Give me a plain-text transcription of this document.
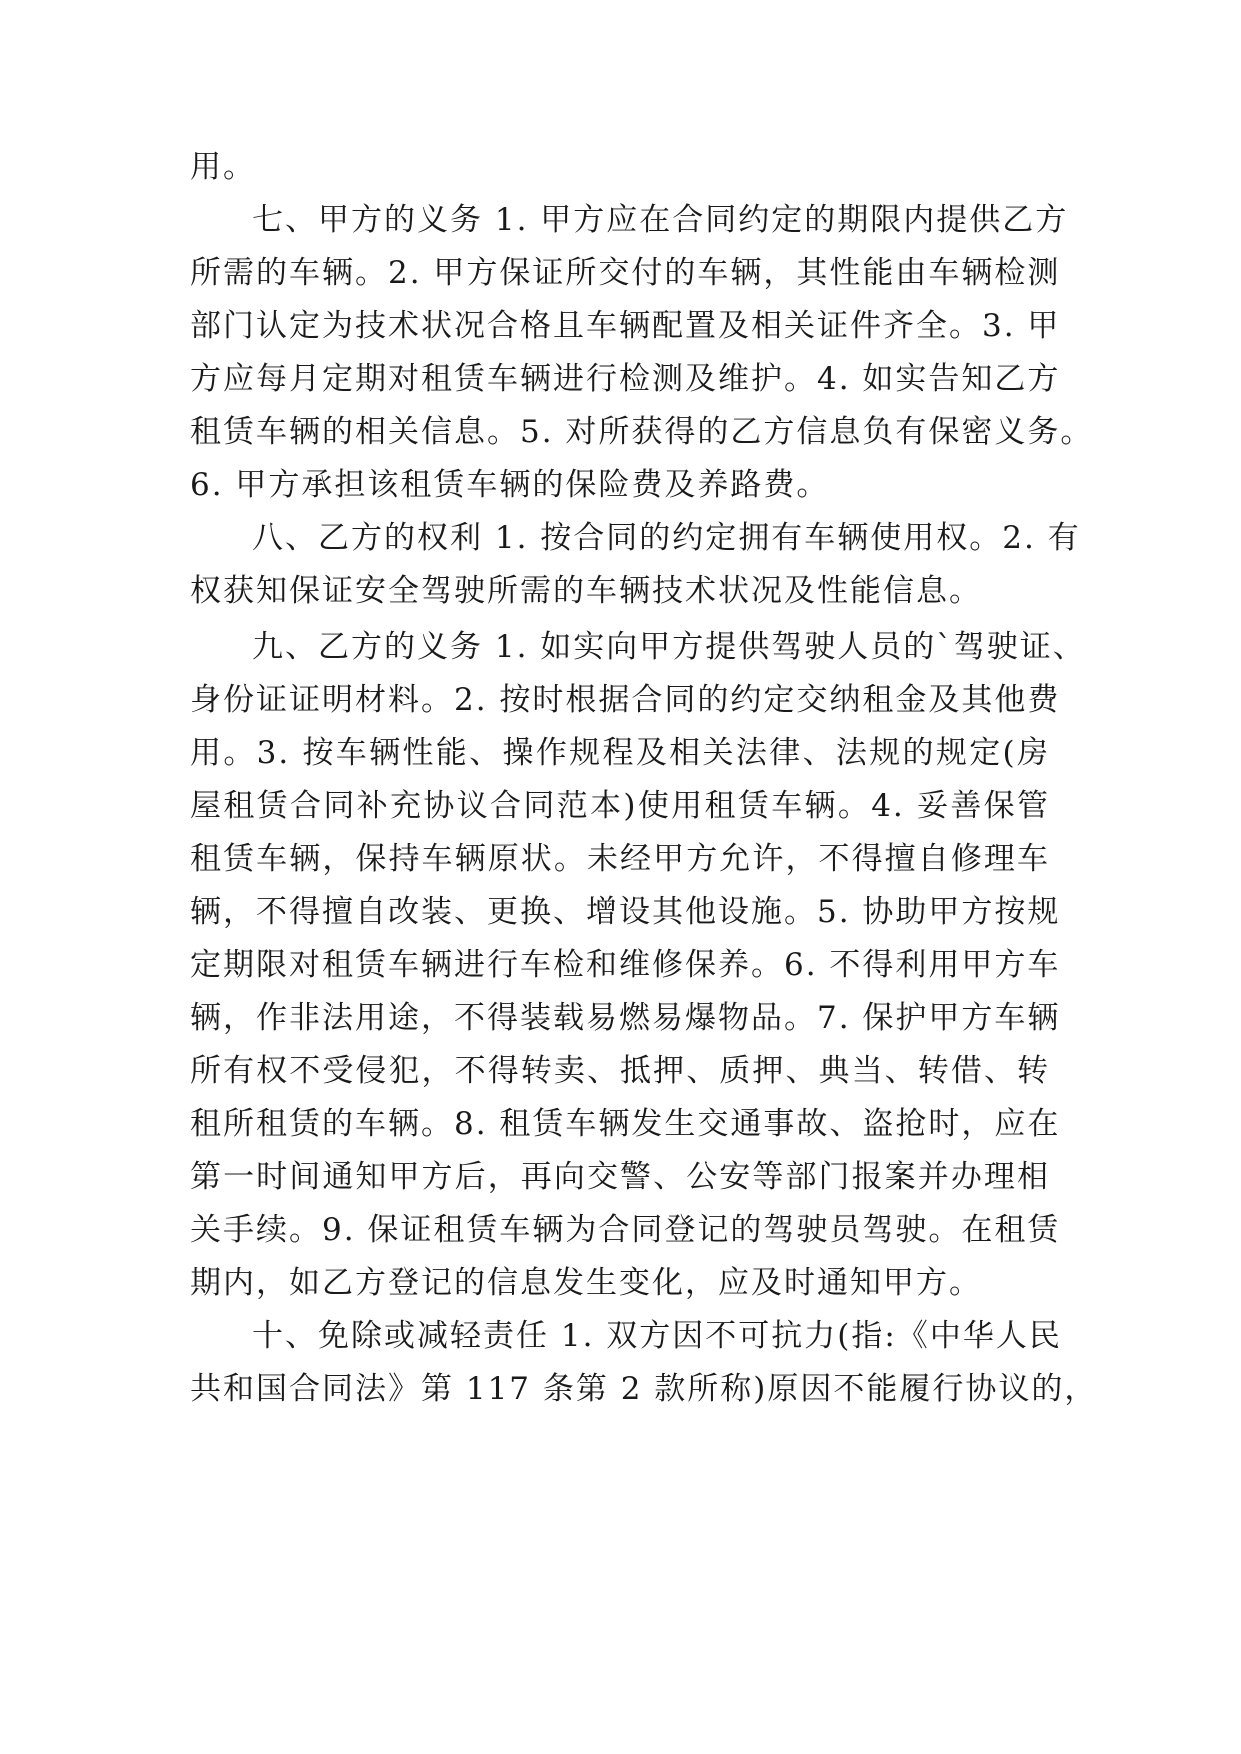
用。
七、甲方的义务 1. 甲方应在合同约定的期限内提供乙方
所需的车辆。2. 甲方保证所交付的车辆，其性能由车辆检测
部门认定为技术状况合格且车辆配置及相关证件齐全。3. 甲
方应每月定期对租赁车辆进行检测及维护。4. 如实告知乙方
租赁车辆的相关信息。5. 对所获得的乙方信息负有保密义务。
6. 甲方承担该租赁车辆的保险费及养路费。
八、乙方的权利 1. 按合同的约定拥有车辆使用权。2. 有
权获知保证安全驾驶所需的车辆技术状况及性能信息。
九、乙方的义务 1. 如实向甲方提供驾驶人员的`驾驶证、
身份证证明材料。2. 按时根据合同的约定交纳租金及其他费
用。3. 按车辆性能、操作规程及相关法律、法规的规定(房
屋租赁合同补充协议合同范本)使用租赁车辆。4. 妥善保管
租赁车辆，保持车辆原状。未经甲方允许，不得擅自修理车
辆，不得擅自改装、更换、增设其他设施。5. 协助甲方按规
定期限对租赁车辆进行车检和维修保养。6. 不得利用甲方车
辆，作非法用途，不得装载易燃易爆物品。7. 保护甲方车辆
所有权不受侵犯，不得转卖、抵押、质押、典当、转借、转
租所租赁的车辆。8. 租赁车辆发生交通事故、盗抢时，应在
第一时间通知甲方后，再向交警、公安等部门报案并办理相
关手续。9. 保证租赁车辆为合同登记的驾驶员驾驶。在租赁
期内，如乙方登记的信息发生变化，应及时通知甲方。
十、免除或减轻责任 1. 双方因不可抗力(指:《中华人民
共和国合同法》第 117 条第 2 款所称)原因不能履行协议的，
